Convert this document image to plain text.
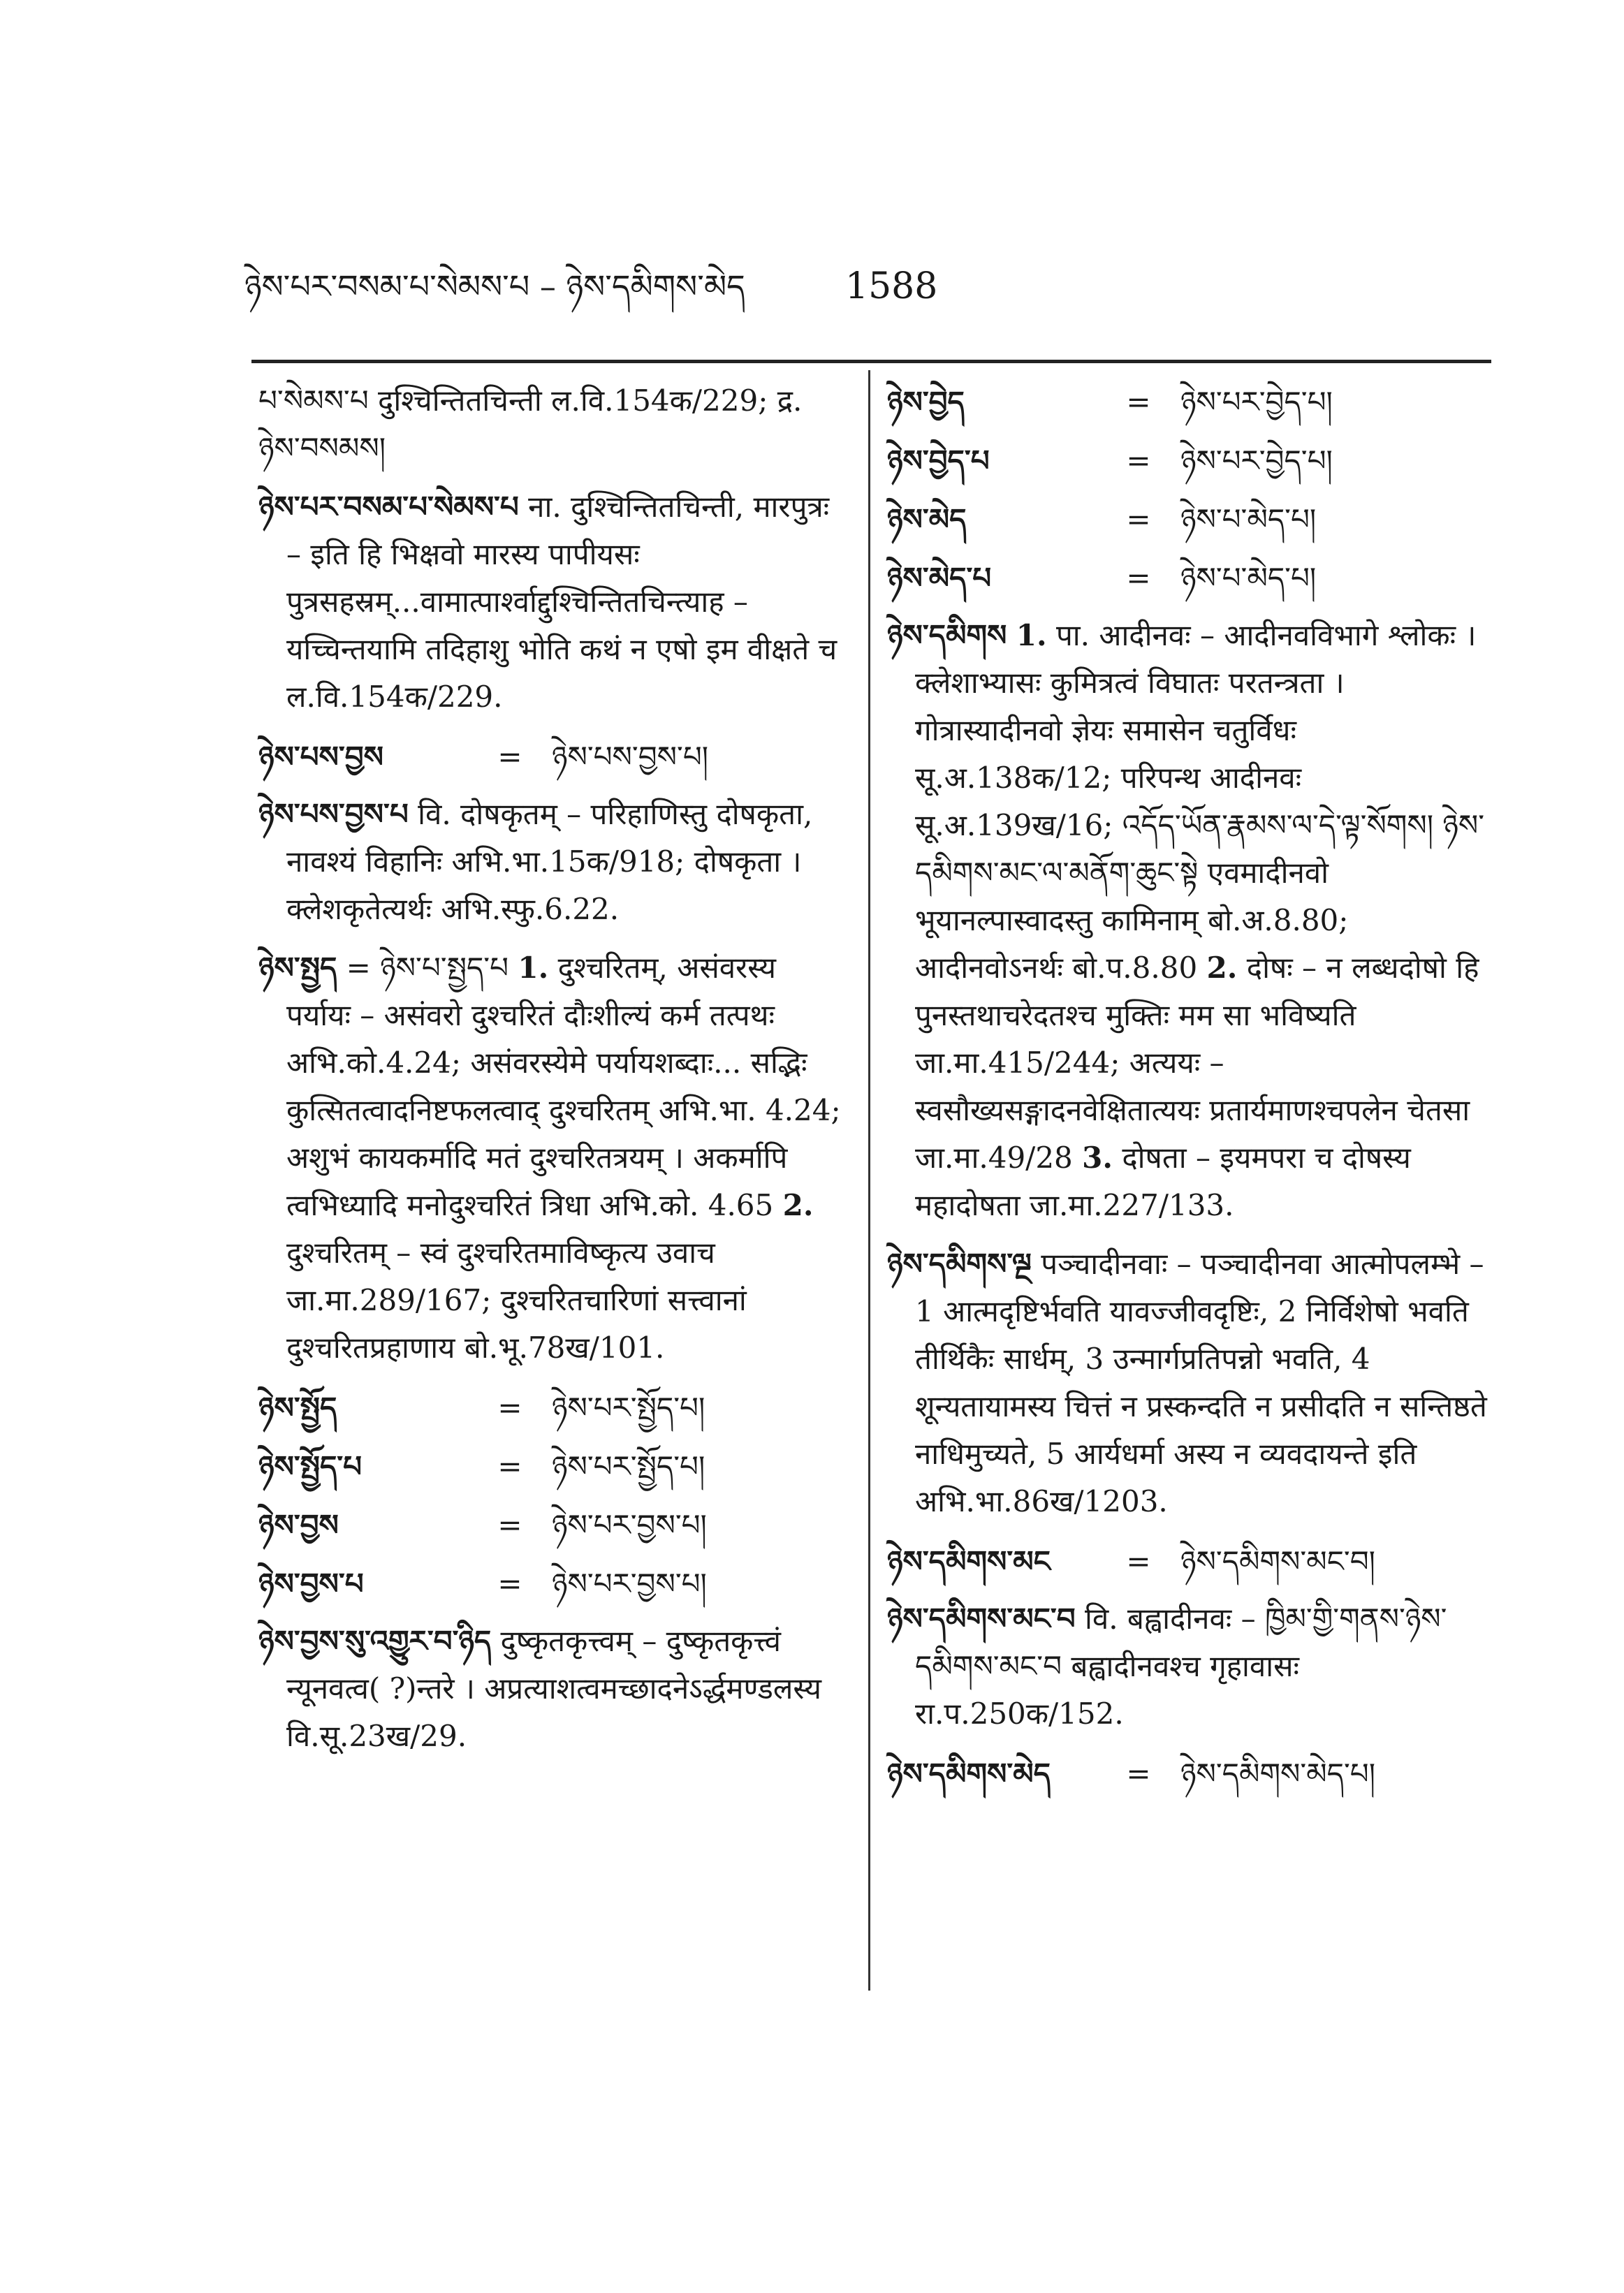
ཉེས་པར་བསམ་པ་སེམས་པ – ཉེས་དམིགས་མེད	1588
པ་སེམས་པ दुश्चिन्तितचिन्ती ल.वि.154क/229; द्र. ཉེས་བསམས།
ཉེས་པར་བསམ་པ་སེམས་པ ना. दुश्चिन्तितचिन्ती, मारपुत्रः – इति हि भिक्षवो मारस्य पापीयसः पुत्रसहस्रम्...वामात्पार्श्वाद्दुश्चिन्तितचिन्त्याह – यच्चिन्तयामि तदिहाशु भोति कथं न एषो इम वीक्षते च ल.वि.154क/229.
ཉེས་པས་བྱས	=	ཉེས་པས་བྱས་པ།
ཉེས་པས་བྱས་པ वि. दोषकृतम् – परिहाणिस्तु दोषकृता, नावश्यं विहानिः अभि.भा.15क/918; दोषकृता । क्लेशकृतेत्यर्थः अभि.स्फु.6.22.
ཉེས་སྤྱད = ཉེས་པ་སྤྱད་པ 1. दुश्चरितम्, असंवरस्य पर्यायः – असंवरो दुश्चरितं दौःशील्यं कर्म तत्पथः अभि.को.4.24; असंवरस्येमे पर्यायशब्दाः... सद्भिः कुत्सितत्वादनिष्टफलत्वाद् दुश्चरितम् अभि.भा. 4.24; अशुभं कायकर्मादि मतं दुश्चरितत्रयम् । अकर्मापि त्वभिध्यादि मनोदुश्चरितं त्रिधा अभि.को. 4.65 2. दुश्चरितम् – स्वं दुश्चरितमाविष्कृत्य उवाच जा.मा.289/167; दुश्चरितचारिणां सत्त्वानां दुश्चरितप्रहाणाय बो.भू.78ख/101.
ཉེས་སྤྱོད	=	ཉེས་པར་སྤྱོད་པ།
ཉེས་སྤྱོད་པ	=	ཉེས་པར་སྤྱོད་པ།
ཉེས་བྱས	=	ཉེས་པར་བྱས་པ།
ཉེས་བྱས་པ	=	ཉེས་པར་བྱས་པ།
ཉེས་བྱས་སུ་འགྱུར་བ་ཉིད दुष्कृतकृत्त्वम् – दुष्कृतकृत्त्वं न्यूनवत्व( ?)न्तरे । अप्रत्याशत्वमच्छादनेऽर्द्धमण्डलस्य वि.सू.23ख/29.
ཉེས་བྱེད	=	ཉེས་པར་བྱེད་པ།
ཉེས་བྱེད་པ	=	ཉེས་པར་བྱེད་པ།
ཉེས་མེད	=	ཉེས་པ་མེད་པ།
ཉེས་མེད་པ	=	ཉེས་པ་མེད་པ།
ཉེས་དམིགས 1. पा. आदीनवः – आदीनवविभागे श्लोकः । क्लेशाभ्यासः कुमित्रत्वं विघातः परतन्त्रता । गोत्रास्यादीनवो ज्ञेयः समासेन चतुर्विधः सू.अ.138क/12; परिपन्थ आदीनवः सू.अ.139ख/16; འདོད་ཡོན་རྣམས་ལ་དེ་ལྟ་སོགས། ཉེས་དམིགས་མང་ལ་མནོག་ཆུང་སྟེ एवमादीनवो भूयानल्पास्वादस्तु कामिनाम् बो.अ.8.80; आदीनवोऽनर्थः बो.प.8.80 2. दोषः – न लब्धदोषो हि पुनस्तथाचरेदतश्च मुक्तिः मम सा भविष्यति जा.मा.415/244; अत्ययः – स्वसौख्यसङ्गादनवेक्षितात्ययः प्रतार्यमाणश्चपलेन चेतसा जा.मा.49/28 3. दोषता – इयमपरा च दोषस्य महादोषता जा.मा.227/133.
ཉེས་དམིགས་ལྔ पञ्चादीनवाः – पञ्चादीनवा आत्मोपलम्भे – 1 आत्मदृष्टिर्भवति यावज्जीवदृष्टिः, 2 निर्विशेषो भवति तीर्थिकैः सार्धम्, 3 उन्मार्गप्रतिपन्नो भवति, 4 शून्यतायामस्य चित्तं न प्रस्कन्दति न प्रसीदति न सन्तिष्ठते नाधिमुच्यते, 5 आर्यधर्मा अस्य न व्यवदायन्ते इति अभि.भा.86ख/1203.
ཉེས་དམིགས་མང	=	ཉེས་དམིགས་མང་བ།
ཉེས་དམིགས་མང་བ वि. बह्वादीनवः – ཁྱིམ་གྱི་གནས་ཉེས་དམིགས་མང་བ बह्वादीनवश्च गृहावासः रा.प.250क/152.
ཉེས་དམིགས་མེད	=	ཉེས་དམིགས་མེད་པ།
